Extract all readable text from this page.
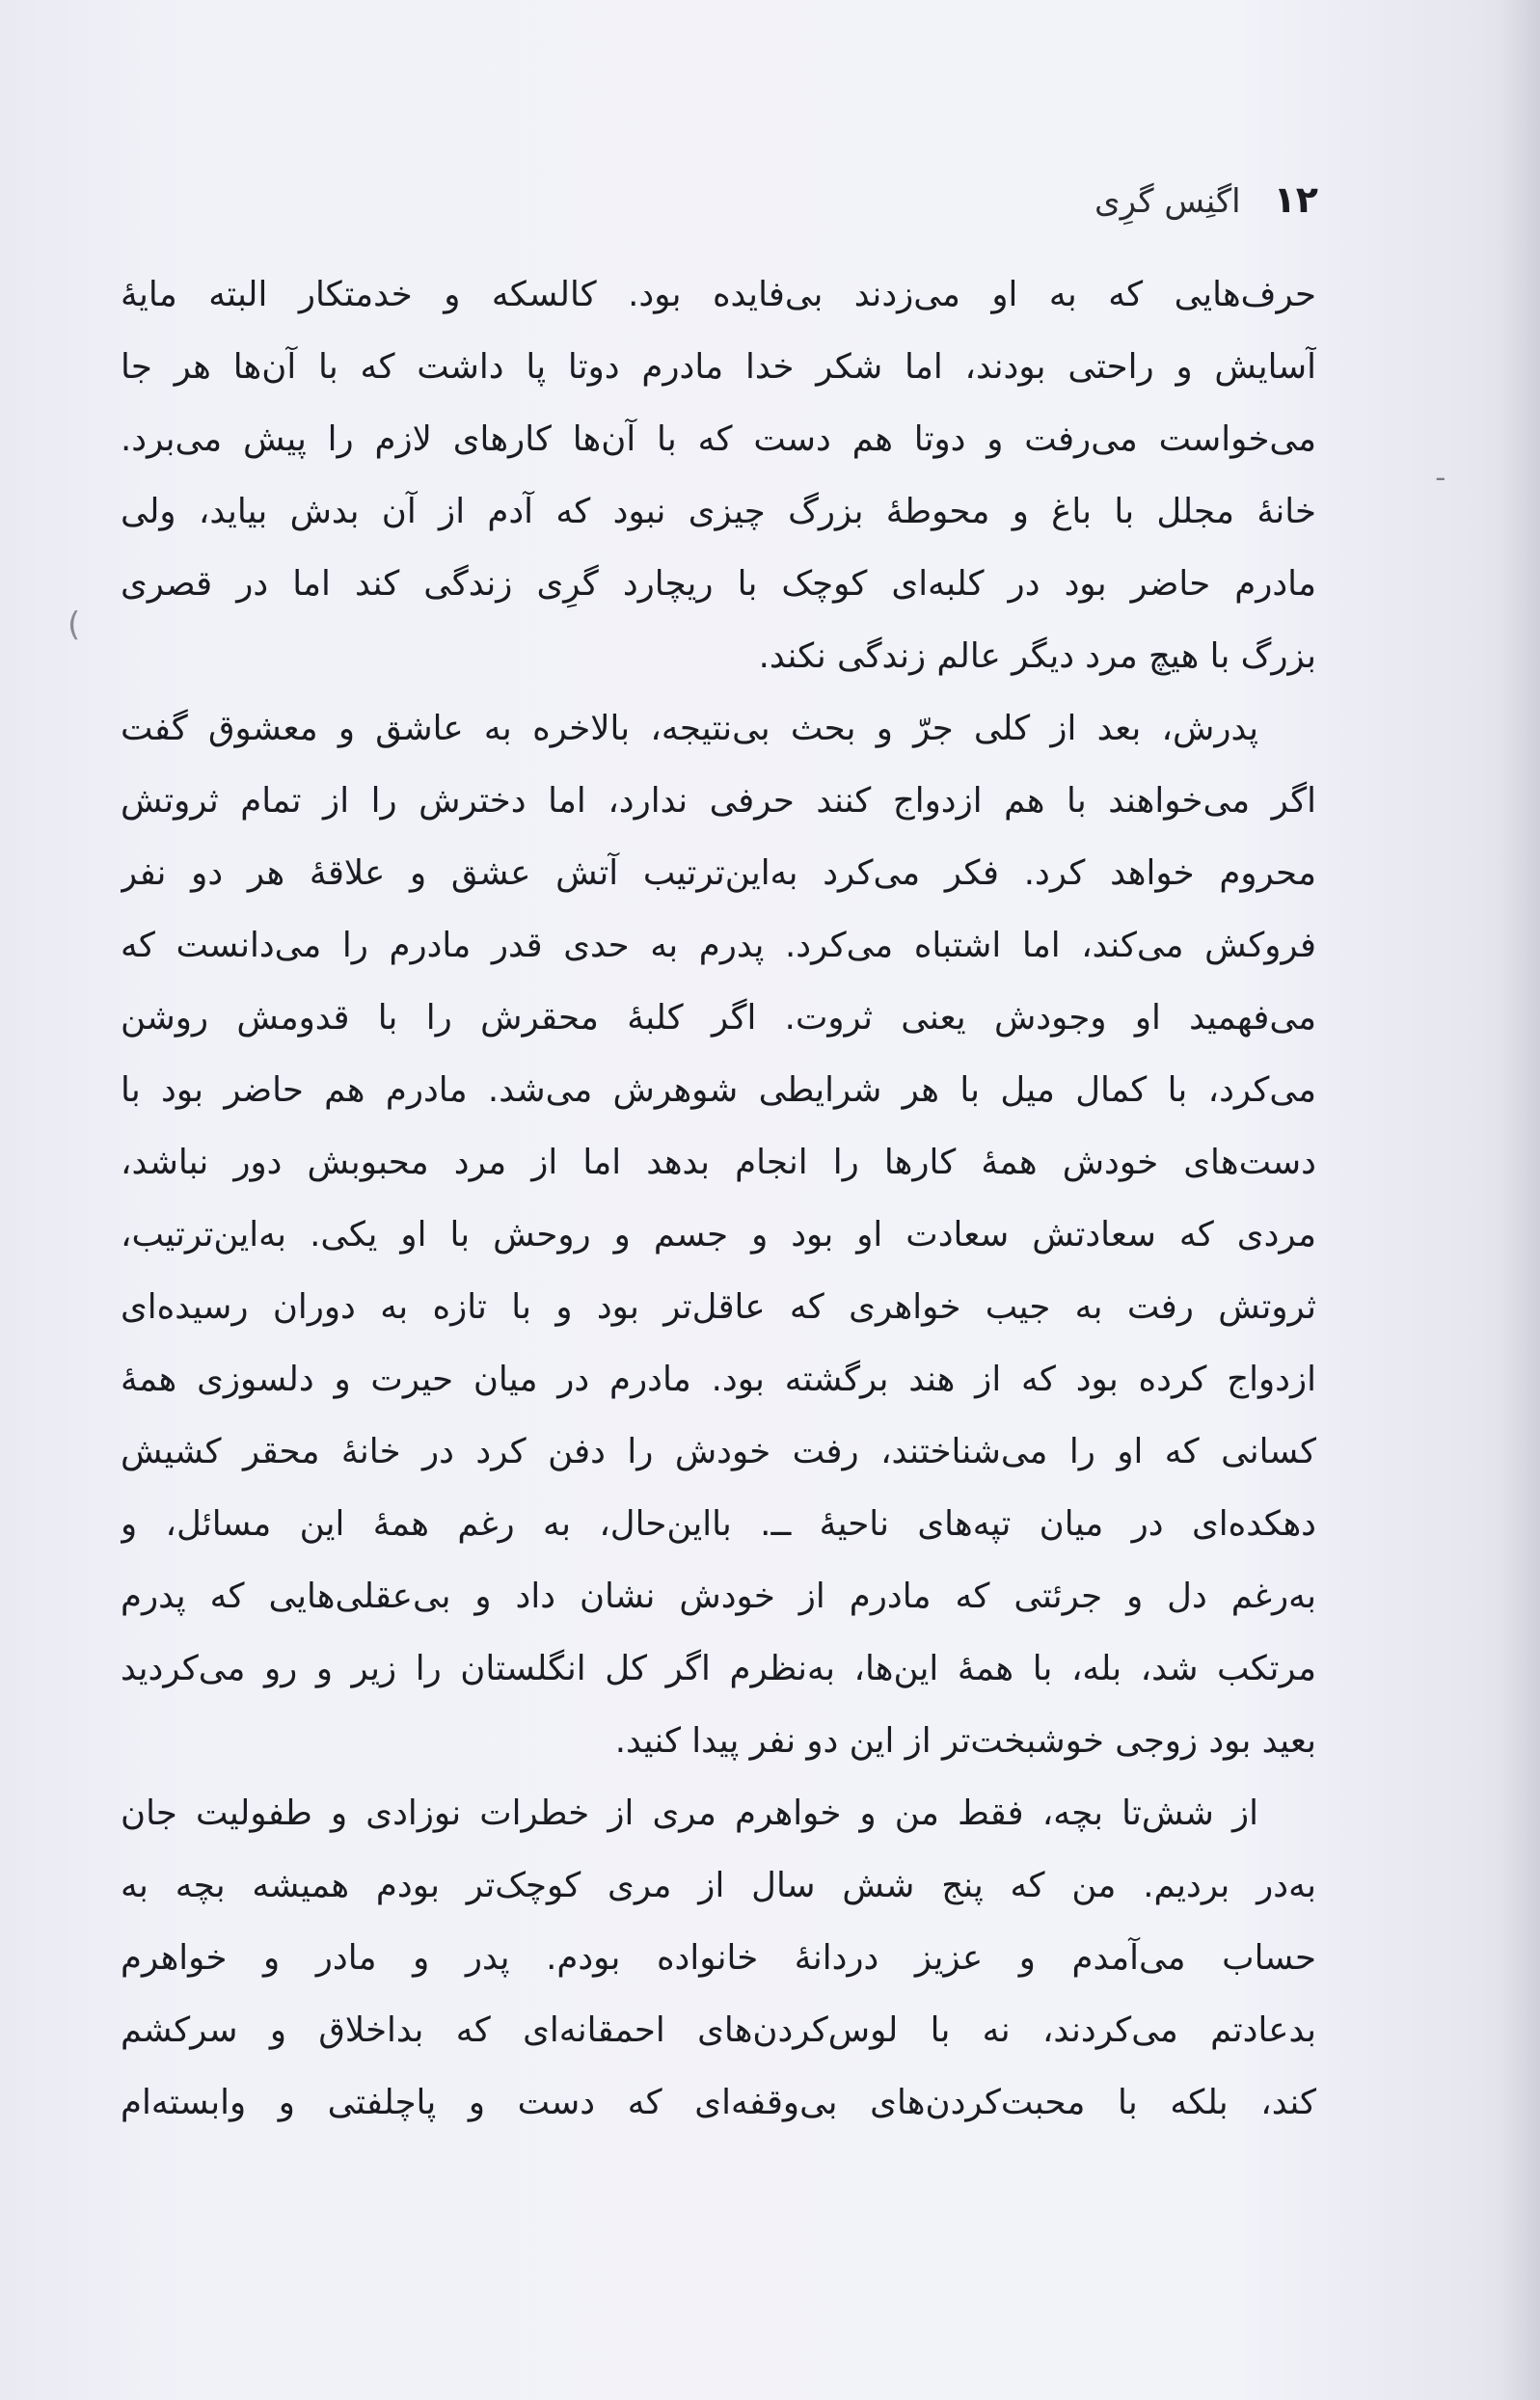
۱۲
اگنِس گرِی
ـ
(

حرف‌هایی که به او می‌زدند بی‌فایده بود. کالسکه و خدمتکار البته مایهٔ
آسایش و راحتی بودند، اما شکر خدا مادرم دوتا پا داشت که با آن‌ها هر جا
می‌خواست می‌رفت و دوتا هم دست که با آن‌ها کارهای لازم را پیش می‌برد.
خانهٔ مجلل با باغ و محوطهٔ بزرگ چیزی نبود که آدم از آن بدش بیاید، ولی
مادرم حاضر بود در کلبه‌ای کوچک با ریچارد گرِی زندگی کند اما در قصری
بزرگ با هیچ مرد دیگر عالم زندگی نکند.

پدرش، بعد از کلی جرّ و بحث بی‌نتیجه، بالاخره به عاشق و معشوق گفت
اگر می‌خواهند با هم ازدواج کنند حرفی ندارد، اما دخترش را از تمام ثروتش
محروم خواهد کرد. فکر می‌کرد به‌این‌ترتیب آتش عشق و علاقهٔ هر دو نفر
فروکش می‌کند، اما اشتباه می‌کرد. پدرم به حدی قدر مادرم را می‌دانست که
می‌فهمید او وجودش یعنی ثروت. اگر کلبهٔ محقرش را با قدومش روشن
می‌کرد، با کمال میل با هر شرایطی شوهرش می‌شد. مادرم هم حاضر بود با
دست‌های خودش همهٔ کارها را انجام بدهد اما از مرد محبوبش دور نباشد،
مردی که سعادتش سعادت او بود و جسم و روحش با او یکی. به‌این‌ترتیب،
ثروتش رفت به جیب خواهری که عاقل‌تر بود و با تازه به دوران رسیده‌ای
ازدواج کرده بود که از هند برگشته بود. مادرم در میان حیرت و دلسوزی همهٔ
کسانی که او را می‌شناختند، رفت خودش را دفن کرد در خانهٔ محقر کشیش
دهکده‌ای در میان تپه‌های ناحیهٔ ــ. بااین‌حال، به رغم همهٔ این مسائل، و
به‌رغم دل و جرئتی که مادرم از خودش نشان داد و بی‌عقلی‌هایی که پدرم
مرتکب شد، بله، با همهٔ این‌ها، به‌نظرم اگر کل انگلستان را زیر و رو می‌کردید
بعید بود زوجی خوشبخت‌تر از این دو نفر پیدا کنید.

از شش‌تا بچه، فقط من و خواهرم مری از خطرات نوزادی و طفولیت جان
به‌در بردیم. من که پنج شش سال از مری کوچک‌تر بودم همیشه بچه به
حساب می‌آمدم و عزیز دردانهٔ خانواده بودم. پدر و مادر و خواهرم
بدعادتم می‌کردند، نه با لوس‌کردن‌های احمقانه‌ای که بداخلاق و سرکشم
کند، بلکه با محبت‌کردن‌های بی‌وقفه‌ای که دست و پاچلفتی و وابسته‌ام
